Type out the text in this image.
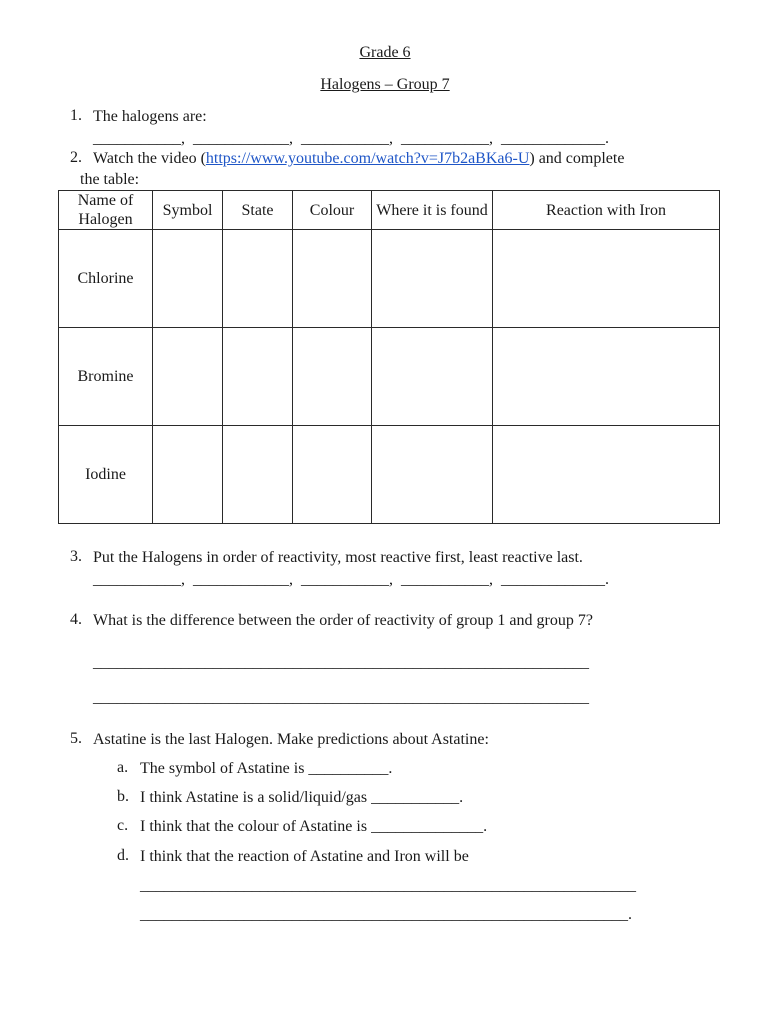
Grade 6
Halogens – Group 7
1. The halogens are:
___________,  ____________,  ___________,  ___________,  _____________.
2. Watch the video (https://www.youtube.com/watch?v=J7b2aBKa6-U) and complete
the table:
Name of Halogen	Symbol	State	Colour	Where it is found	Reaction with Iron
Chlorine					
Bromine					
Iodine					
3. Put the Halogens in order of reactivity, most reactive first, least reactive last.
___________,  ____________,  ___________,  ___________,  _____________.
4. What is the difference between the order of reactivity of group 1 and group 7?
______________________________________________________________
______________________________________________________________
5. Astatine is the last Halogen. Make predictions about Astatine:
a. The symbol of Astatine is __________.
b. I think Astatine is a solid/liquid/gas ___________.
c. I think that the colour of Astatine is ______________.
d. I think that the reaction of Astatine and Iron will be
______________________________________________________________
_____________________________________________________________.
